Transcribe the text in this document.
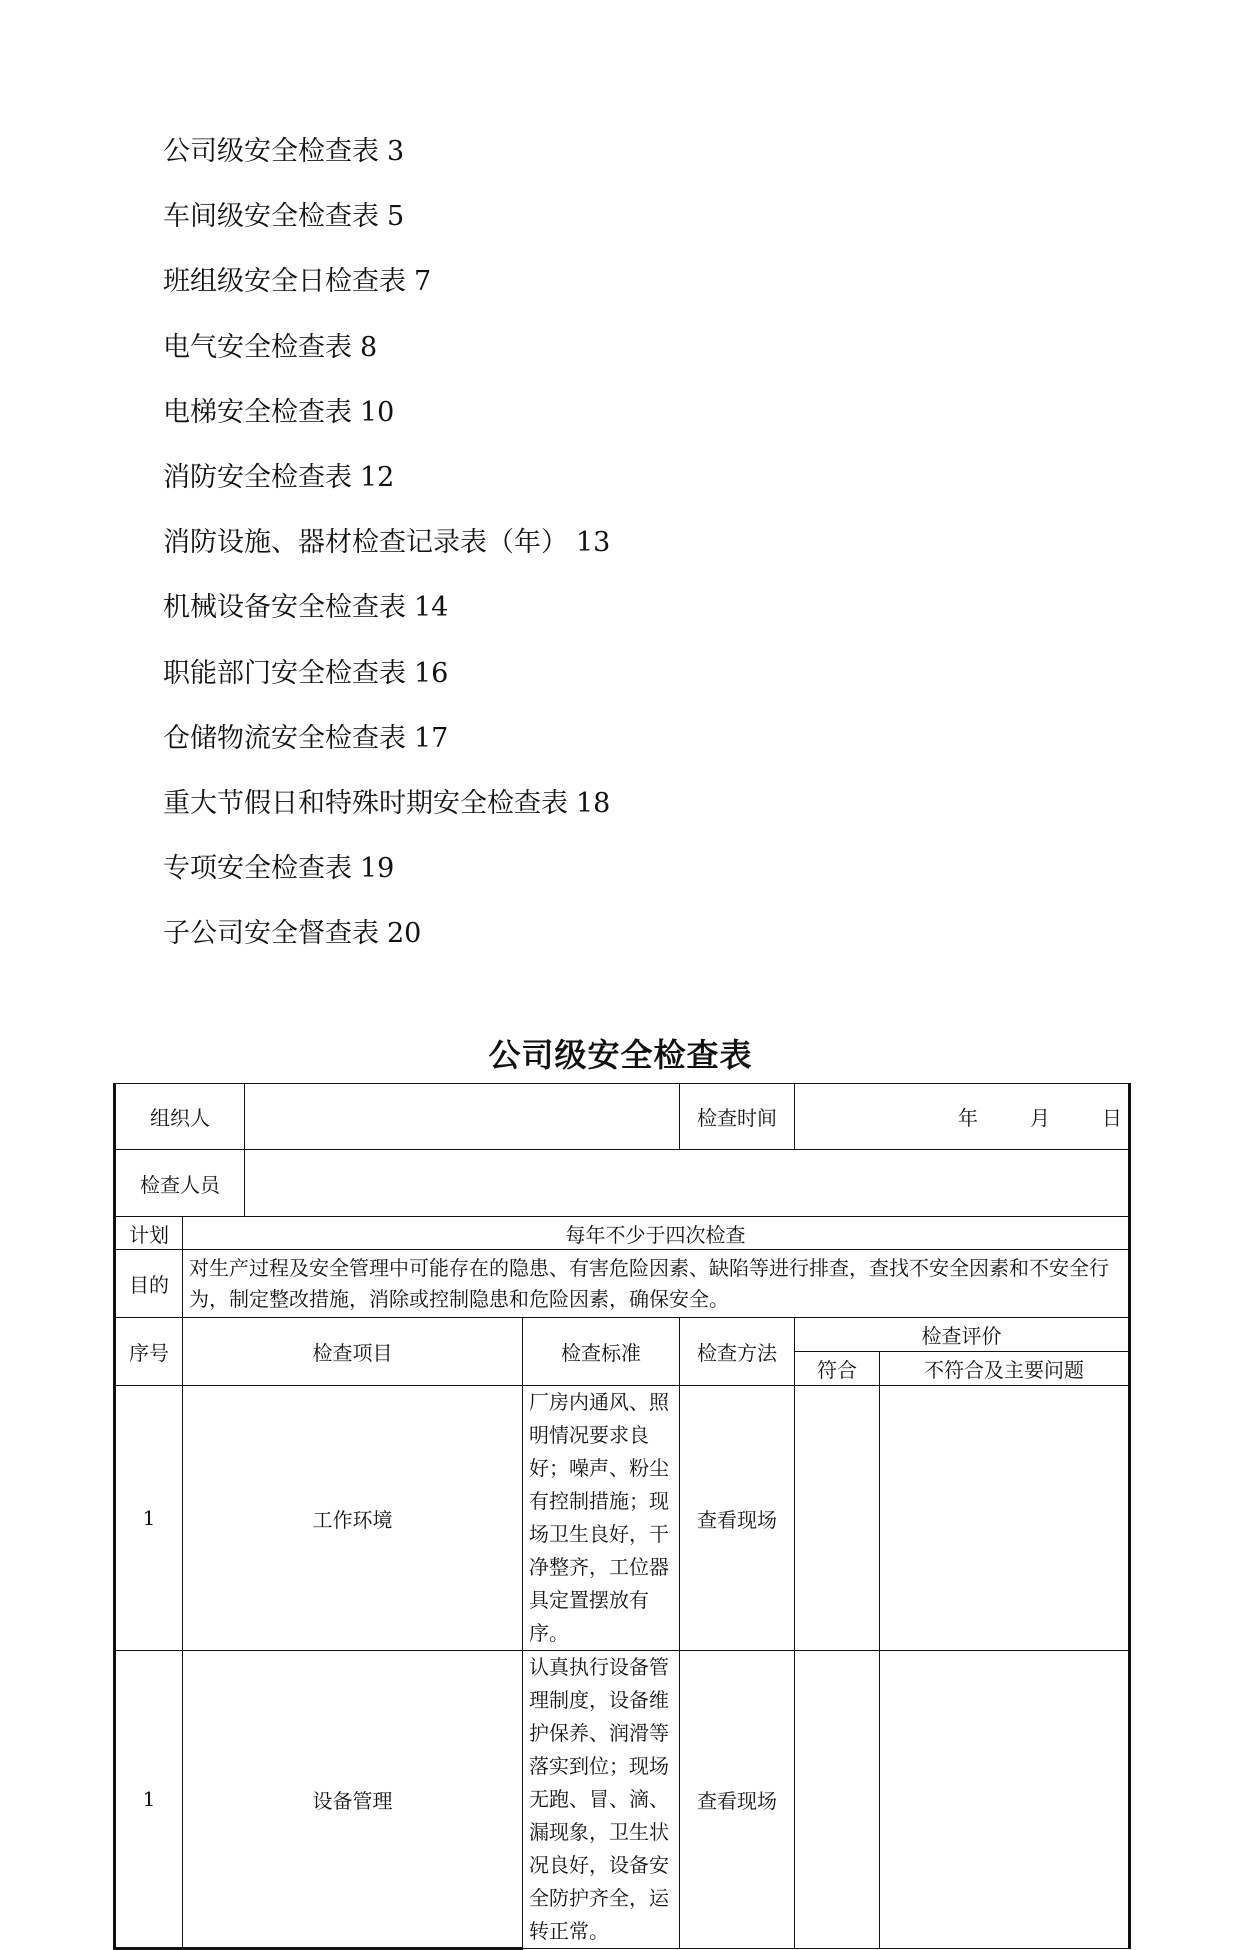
公司级安全检查表 3
车间级安全检查表 5
班组级安全日检查表 7
电气安全检查表 8
电梯安全检查表 10
消防安全检查表 12
消防设施、器材检查记录表（年） 13
机械设备安全检查表 14
职能部门安全检查表 16
仓储物流安全检查表 17
重大节假日和特殊时期安全检查表 18
专项安全检查表 19
子公司安全督查表 20
公司级安全检查表
组织人				检查时间	年 月 日	
检查人员						
计划	每年不少于四次检查					
目的	对生产过程及安全管理中可能存在的隐患、有害危险因素、缺陷等进行排查，查找不安全因素和不安全行为，制定整改措施，消除或控制隐患和危险因素，确保安全。					
序号	检查项目		检查标准	检查方法	检查评价	
					符合	不符合及主要问题
1	工作环境		厂房内通风、照明情况要求良好；噪声、粉尘有控制措施；现场卫生良好，干净整齐，工位器具定置摆放有序。	查看现场		
1	设备管理		认真执行设备管理制度，设备维护保养、润滑等落实到位；现场无跑、冒、滴、漏现象，卫生状况良好，设备安全防护齐全，运转正常。	查看现场		
